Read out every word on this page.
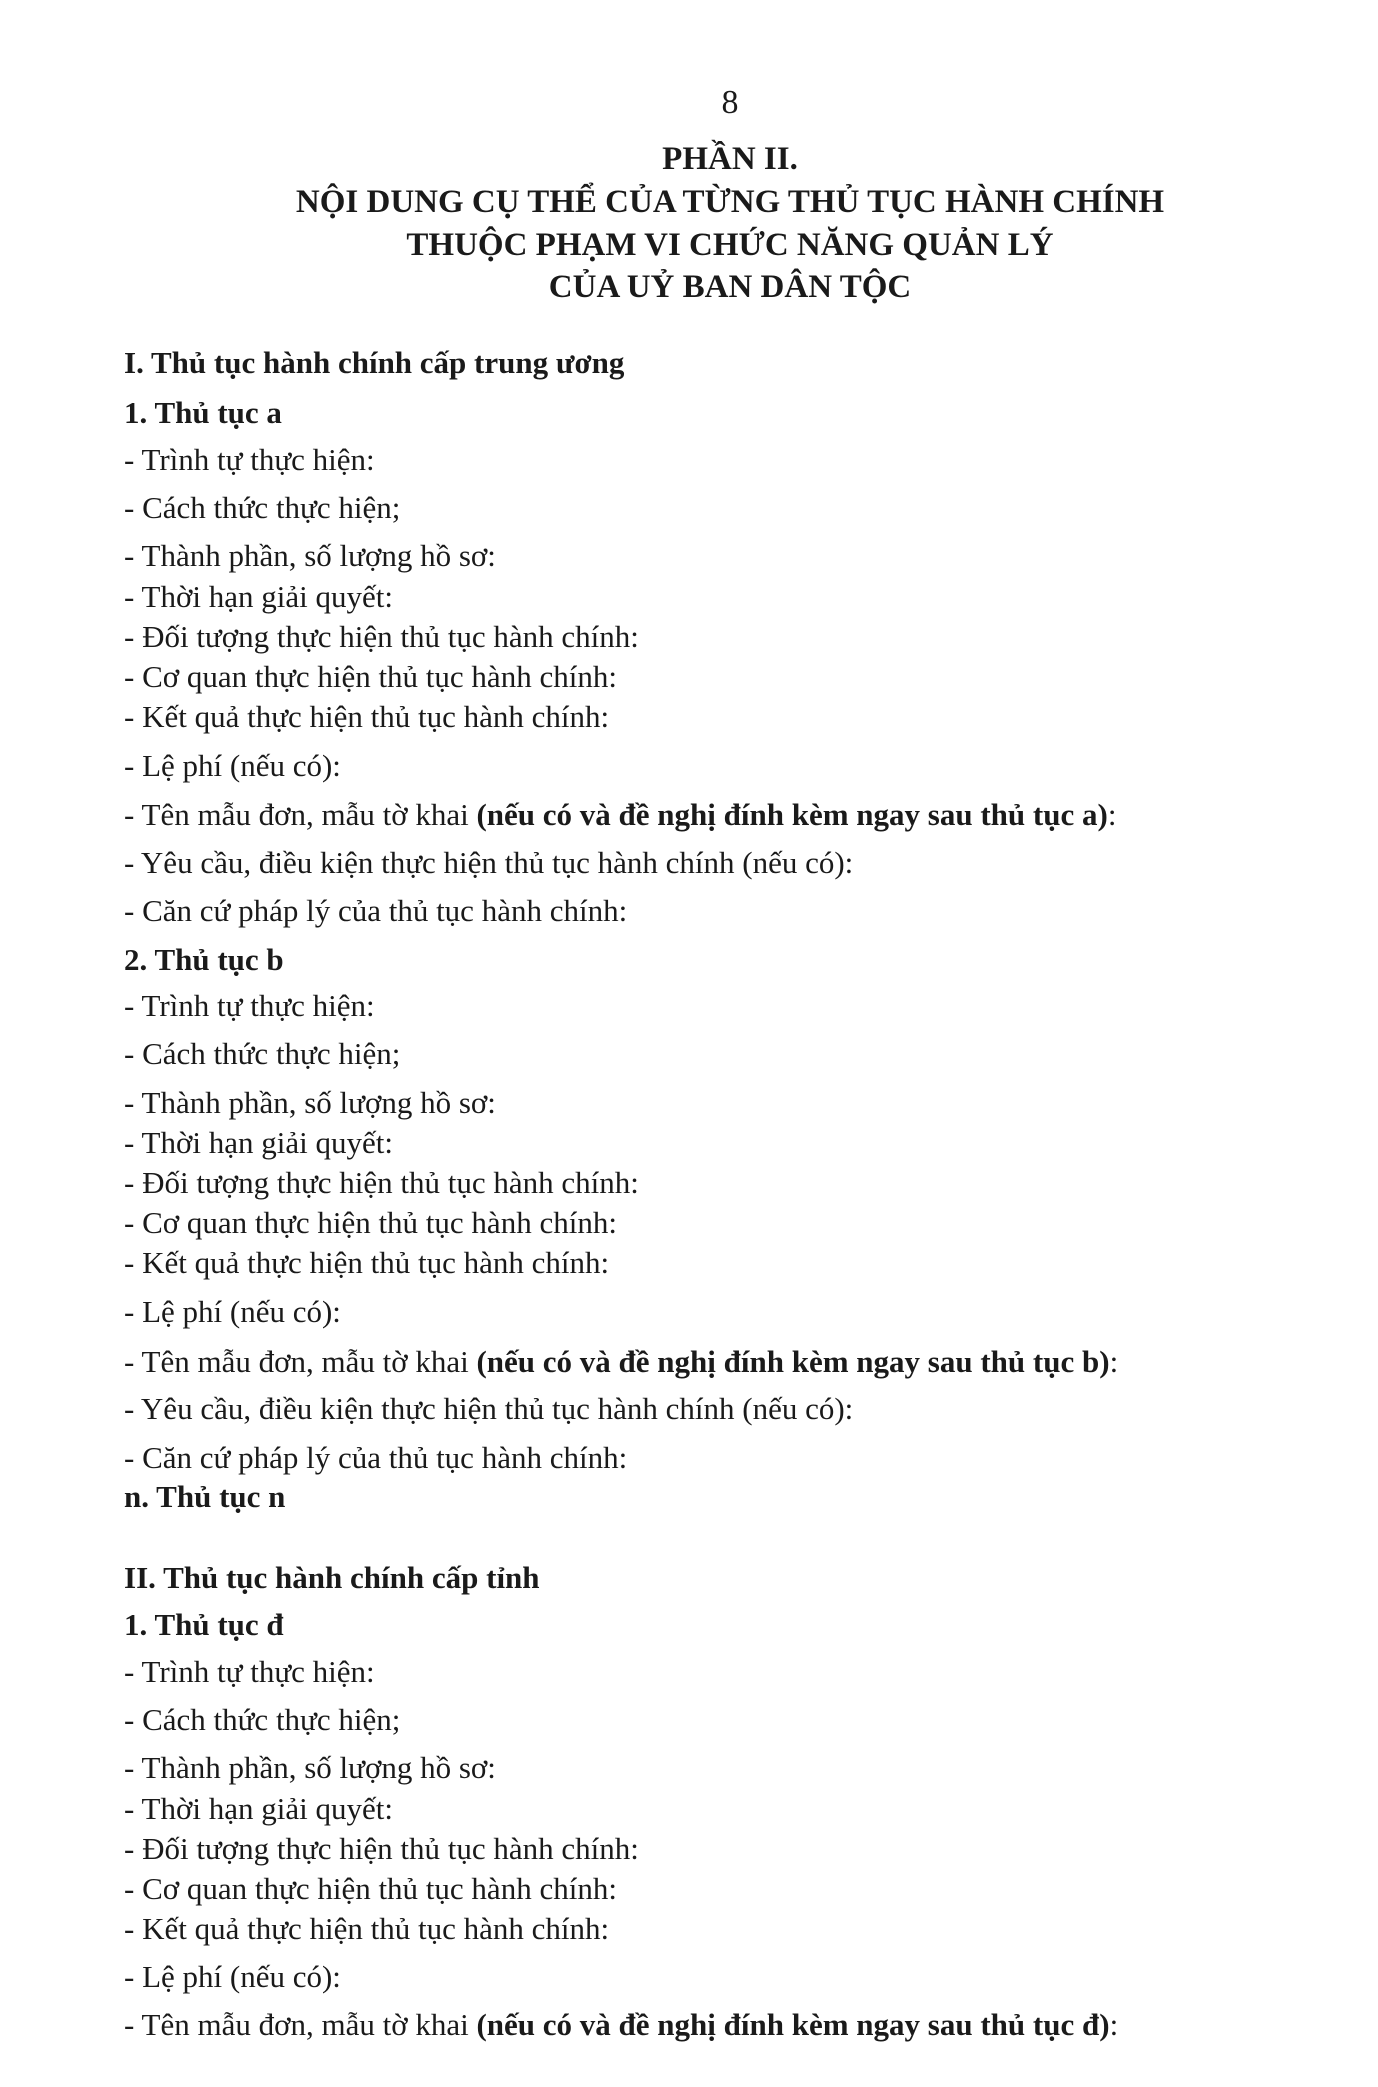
8
PHẦN II.
NỘI DUNG CỤ THỂ CỦA TỪNG THỦ TỤC HÀNH CHÍNH
THUỘC PHẠM VI CHỨC NĂNG QUẢN LÝ
CỦA UỶ BAN DÂN TỘC
I. Thủ tục hành chính cấp trung ương
1. Thủ tục a
- Trình tự thực hiện:
- Cách thức thực hiện;
- Thành phần, số lượng hồ sơ:
- Thời hạn giải quyết:
- Đối tượng thực hiện thủ tục hành chính:
- Cơ quan thực hiện thủ tục hành chính:
- Kết quả thực hiện thủ tục hành chính:
- Lệ phí (nếu có):
- Tên mẫu đơn, mẫu tờ khai (nếu có và đề nghị đính kèm ngay sau thủ tục a):
- Yêu cầu, điều kiện thực hiện thủ tục hành chính (nếu có):
- Căn cứ pháp lý của thủ tục hành chính:
2. Thủ tục b
- Trình tự thực hiện:
- Cách thức thực hiện;
- Thành phần, số lượng hồ sơ:
- Thời hạn giải quyết:
- Đối tượng thực hiện thủ tục hành chính:
- Cơ quan thực hiện thủ tục hành chính:
- Kết quả thực hiện thủ tục hành chính:
- Lệ phí (nếu có):
- Tên mẫu đơn, mẫu tờ khai (nếu có và đề nghị đính kèm ngay sau thủ tục b):
- Yêu cầu, điều kiện thực hiện thủ tục hành chính (nếu có):
- Căn cứ pháp lý của thủ tục hành chính:
n. Thủ tục n
II. Thủ tục hành chính cấp tỉnh
1. Thủ tục đ
- Trình tự thực hiện:
- Cách thức thực hiện;
- Thành phần, số lượng hồ sơ:
- Thời hạn giải quyết:
- Đối tượng thực hiện thủ tục hành chính:
- Cơ quan thực hiện thủ tục hành chính:
- Kết quả thực hiện thủ tục hành chính:
- Lệ phí (nếu có):
- Tên mẫu đơn, mẫu tờ khai (nếu có và đề nghị đính kèm ngay sau thủ tục đ):
